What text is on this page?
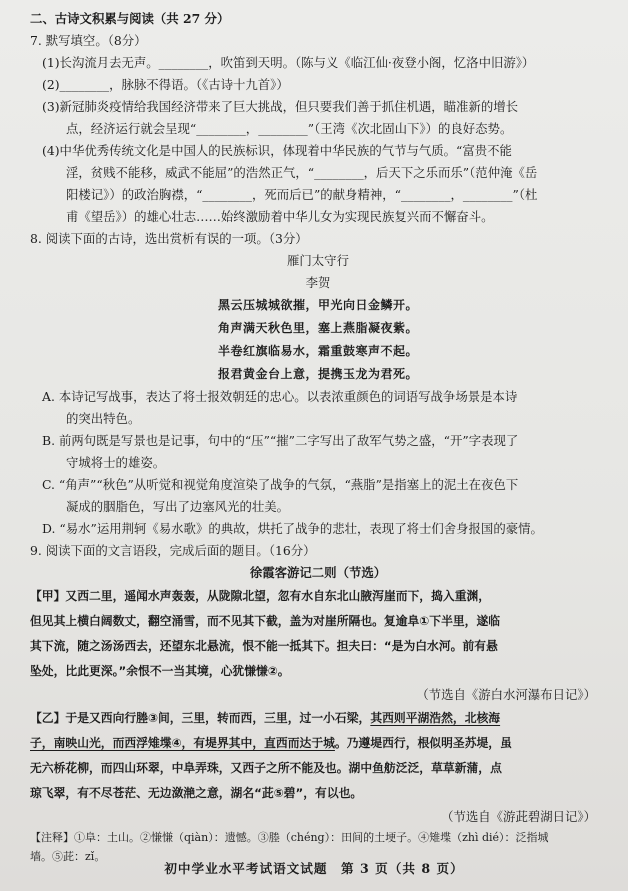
二、古诗文积累与阅读（共 27 分）
7. 默写填空。（8分）
(1)长沟流月去无声。________，吹笛到天明。（陈与义《临江仙·夜登小阁，忆洛中旧游》）
(2)________，脉脉不得语。（《古诗十九首》）
(3)新冠肺炎疫情给我国经济带来了巨大挑战，但只要我们善于抓住机遇，瞄准新的增长
点，经济运行就会呈现“________，________”（王湾《次北固山下》）的良好态势。
(4)中华优秀传统文化是中国人的民族标识，体现着中华民族的气节与气质。“富贵不能
淫，贫贱不能移，威武不能屈”的浩然正气，“________，后天下之乐而乐”（范仲淹《岳
阳楼记》）的政治胸襟，“________，死而后已”的献身精神，“________，________”（杜
甫《望岳》）的雄心壮志……始终激励着中华儿女为实现民族复兴而不懈奋斗。
8. 阅读下面的古诗，选出赏析有误的一项。（3分）
雁门太守行
李贺
黑云压城城欲摧，甲光向日金鳞开。
角声满天秋色里，塞上燕脂凝夜紫。
半卷红旗临易水，霜重鼓寒声不起。
报君黄金台上意，提携玉龙为君死。
A. 本诗记写战事，表达了将士报效朝廷的忠心。以表浓重颜色的词语写战争场景是本诗
的突出特色。
B. 前两句既是写景也是记事，句中的“压”“摧”二字写出了敌军气势之盛，“开”字表现了
守城将士的雄姿。
C. “角声”“秋色”从听觉和视觉角度渲染了战争的气氛，“燕脂”是指塞上的泥土在夜色下
凝成的胭脂色，写出了边塞风光的壮美。
D. “易水”运用荆轲《易水歌》的典故，烘托了战争的悲壮，表现了将士们舍身报国的豪情。
9. 阅读下面的文言语段，完成后面的题目。（16分）
徐霞客游记二则（节选）
【甲】又西二里，遥闻水声轰轰，从陇隙北望，忽有水自东北山腋泻崖而下，捣入重渊，
但见其上横白阔数丈，翻空涌雪，而不见其下截，盖为对崖所隔也。复逾阜①下半里，遂临
其下流，随之汤汤西去，还望东北悬流，恨不能一抵其下。担夫曰：“是为白水河。前有悬
坠处，比此更深。”余恨不一当其境，心犹慊慊②。
（节选自《游白水河瀑布日记》）
【乙】于是又西向行塍③间，三里，转而西，三里，过一小石梁，其西则平湖浩然，北核海
子，南映山光，而西浮雉堞④，有堤界其中，直西而达于城。乃遵堤西行，根似明圣苏堤，虽
无六桥花柳，而四山环翠，中阜弄珠，又西子之所不能及也。湖中鱼舫泛泛，草草新蒲，点
琼飞翠，有不尽苍茫、无边潋滟之意，湖名“茈⑤碧”，有以也。
（节选自《游茈碧湖日记》）
【注释】①阜：土山。②慊慊（qiàn）：遗憾。③塍（chéng）：田间的土埂子。④雉堞（zhì dié）：泛指城
墙。⑤茈：zǐ。
初中学业水平考试语文试题　第 3 页（共 8 页）
